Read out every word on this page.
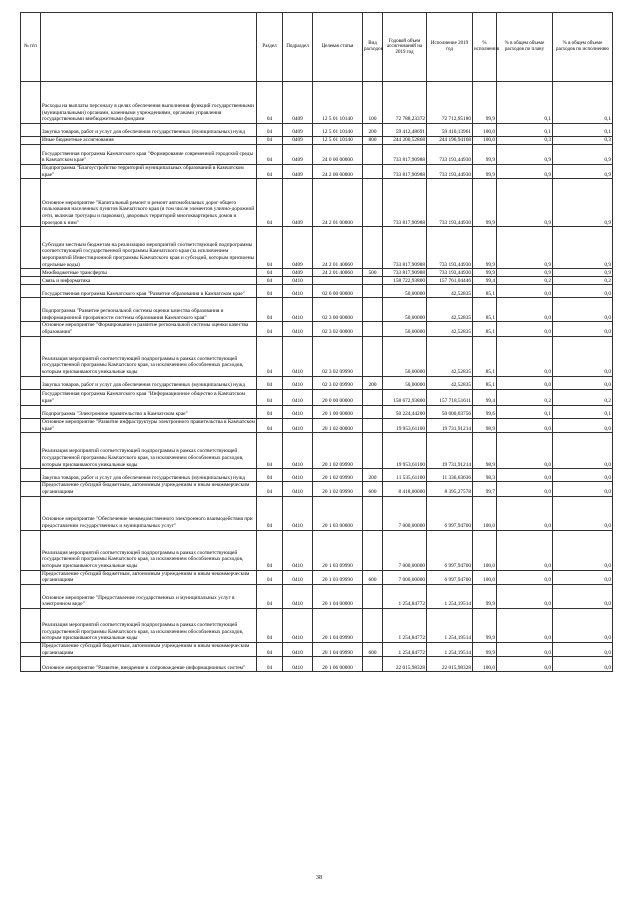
№ п/п		Раздел	Подраздел	Целевая статья	Вид расходов	Годовой объем ассигнований на 2019 год	Исполнение 2019 год	% исполнения	% в общем объеме расходов по плану	% в общем объеме расходов по исполнению
	Расходы на выплаты персоналу в целях обеспечения выполнения функций государственными (муниципальными) органами, казенными учреждениями, органами управления государственными внебюджетными фондами	04	0409	12 5 01 10140	100	72 788,23372	72 712,95180	99,9	0,1	0,1
	Закупка товаров, работ и услуг для обеспечения государственных (муниципальных) нужд	04	0409	12 5 01 10140	200	59 412,48691	59 410,13961	100,0	0,1	0,1
	Иные бюджетные ассигнования	04	0409	12 5 01 10140	800	244 200,52868	244 196,94168	100,0	0,3	0,3
	Государственная программа Камчатского края "Формирование современной городской среды в Камчатском крае"	04	0409	24 0 00 00000		733 817,90988	733 193,44930	99,9	0,9	0,9
	Подпрограмма "Благоустройство территорий муниципальных образований в Камчатском крае"	04	0409	24 2 00 00000		733 817,90988	733 193,44930	99,9	0,9	0,9
	Основное мероприятие "Капитальный ремонт и ремонт автомобильных дорог общего пользования населенных пунктов Камчатского края (в том числе элементов улично-дорожной сети, включая тротуары и парковки), дворовых территорий многоквартирных домов и проездов к ним"	04	0409	24 2 01 00000		733 817,90988	733 193,44930	99,9	0,9	0,9
	Субсидии местным бюджетам на реализацию мероприятий соответствующей подпрограммы соответствующей государственной программы Камчатского края (за исключением мероприятий Инвестиционной программы Камчатского края и субсидий, которым присвоены отдельные коды)	04	0409	24 2 01 40060		733 817,90988	733 193,44930	99,9	0,9	0,9
	Межбюджетные трансферты	04	0409	24 2 01 40060	500	733 817,90988	733 193,44930	99,9	0,9	0,9
	Связь и информатика	04	0410			158 722,93800	157 761,04446	99,4	0,2	0,2
	Государственная программа Камчатского края "Развитие образования в Камчатском крае"	04	0410	02 0 00 00000		50,00000	42,52835	85,1	0,0	0,0
	Подпрограмма "Развитие региональной системы оценки качества образования и информационной прозрачности системы образования Камчатского края"	04	0410	02 3 00 00000		50,00000	42,52835	85,1	0,0	0,0
	Основное мероприятие "Формирование и развитие региональной системы оценки качества образования"	04	0410	02 3 02 00000		50,00000	42,52835	85,1	0,0	0,0
	Реализация мероприятий соответствующей подпрограммы в рамках соответствующей государственной программы Камчатского края, за исключением обособленных расходов, которым присваиваются уникальные коды	04	0410	02 3 02 09990		50,00000	42,52835	85,1	0,0	0,0
	Закупка товаров, работ и услуг для обеспечения государственных (муниципальных) нужд	04	0410	02 3 02 09990	200	50,00000	42,52835	85,1	0,0	0,0
	Государственная программа Камчатского края "Информационное общество в Камчатском крае"	04	0410	20 0 00 00000		158 672,93800	157 718,51611	99,4	0,2	0,2
	Подпрограмма "Электронное правительство в Камчатском крае"	04	0410	20 1 00 00000		50 224,44200	50 000,03756	99,6	0,1	0,1
	Основное мероприятие "Развитие инфраструктуры электронного правительства в Камчатском крае"	04	0410	20 1 02 00000		19 953,61100	19 731,91214	98,9	0,0	0,0
	Реализация мероприятий соответствующей подпрограммы в рамках соответствующей государственной программы Камчатского края, за исключением обособленных расходов, которым присваиваются уникальные коды	04	0410	20 1 02 09990		19 953,61100	19 731,91214	98,9	0,0	0,0
	Закупка товаров, работ и услуг для обеспечения государственных (муниципальных) нужд	04	0410	20 1 02 09990	200	11 535,61100	11 336,63636	98,3	0,0	0,0
	Предоставление субсидий бюджетным, автономным учреждениям и иным некоммерческим организациям	04	0410	20 1 02 09990	600	8 418,00000	8 395,27578	99,7	0,0	0,0
	Основное мероприятие "Обеспечение межведомственного электронного взаимодействия при предоставлении государственных и муниципальных услуг"	04	0410	20 1 03 00000		7 000,00000	6 997,94700	100,0	0,0	0,0
	Реализация мероприятий соответствующей подпрограммы в рамках соответствующей государственной программы Камчатского края, за исключением обособленных расходов, которым присваиваются уникальные коды	04	0410	20 1 03 09990		7 000,00000	6 997,94700	100,0	0,0	0,0
	Предоставление субсидий бюджетным, автономным учреждениям и иным некоммерческим организациям	04	0410	20 1 03 09990	600	7 000,00000	6 997,94700	100,0	0,0	0,0
	Основное мероприятие "Предоставление государственных и муниципальных услуг в электронном виде"	04	0410	20 1 04 00000		1 254,84772	1 254,19514	99,9	0,0	0,0
	Реализация мероприятий соответствующей подпрограммы в рамках соответствующей государственной программы Камчатского края, за исключением обособленных расходов, которым присваиваются уникальные коды	04	0410	20 1 04 09990		1 254,84772	1 254,19514	99,9	0,0	0,0
	Предоставление субсидий бюджетным, автономным учреждениям и иным некоммерческим организациям	04	0410	20 1 04 09990	600	1 254,84772	1 254,19514	99,9	0,0	0,0
	Основное мероприятие "Развитие, внедрение и сопровождение информационных систем"	04	0410	20 1 06 00000		22 015,98328	22 015,98328	100,0	0,0	0,0
38
